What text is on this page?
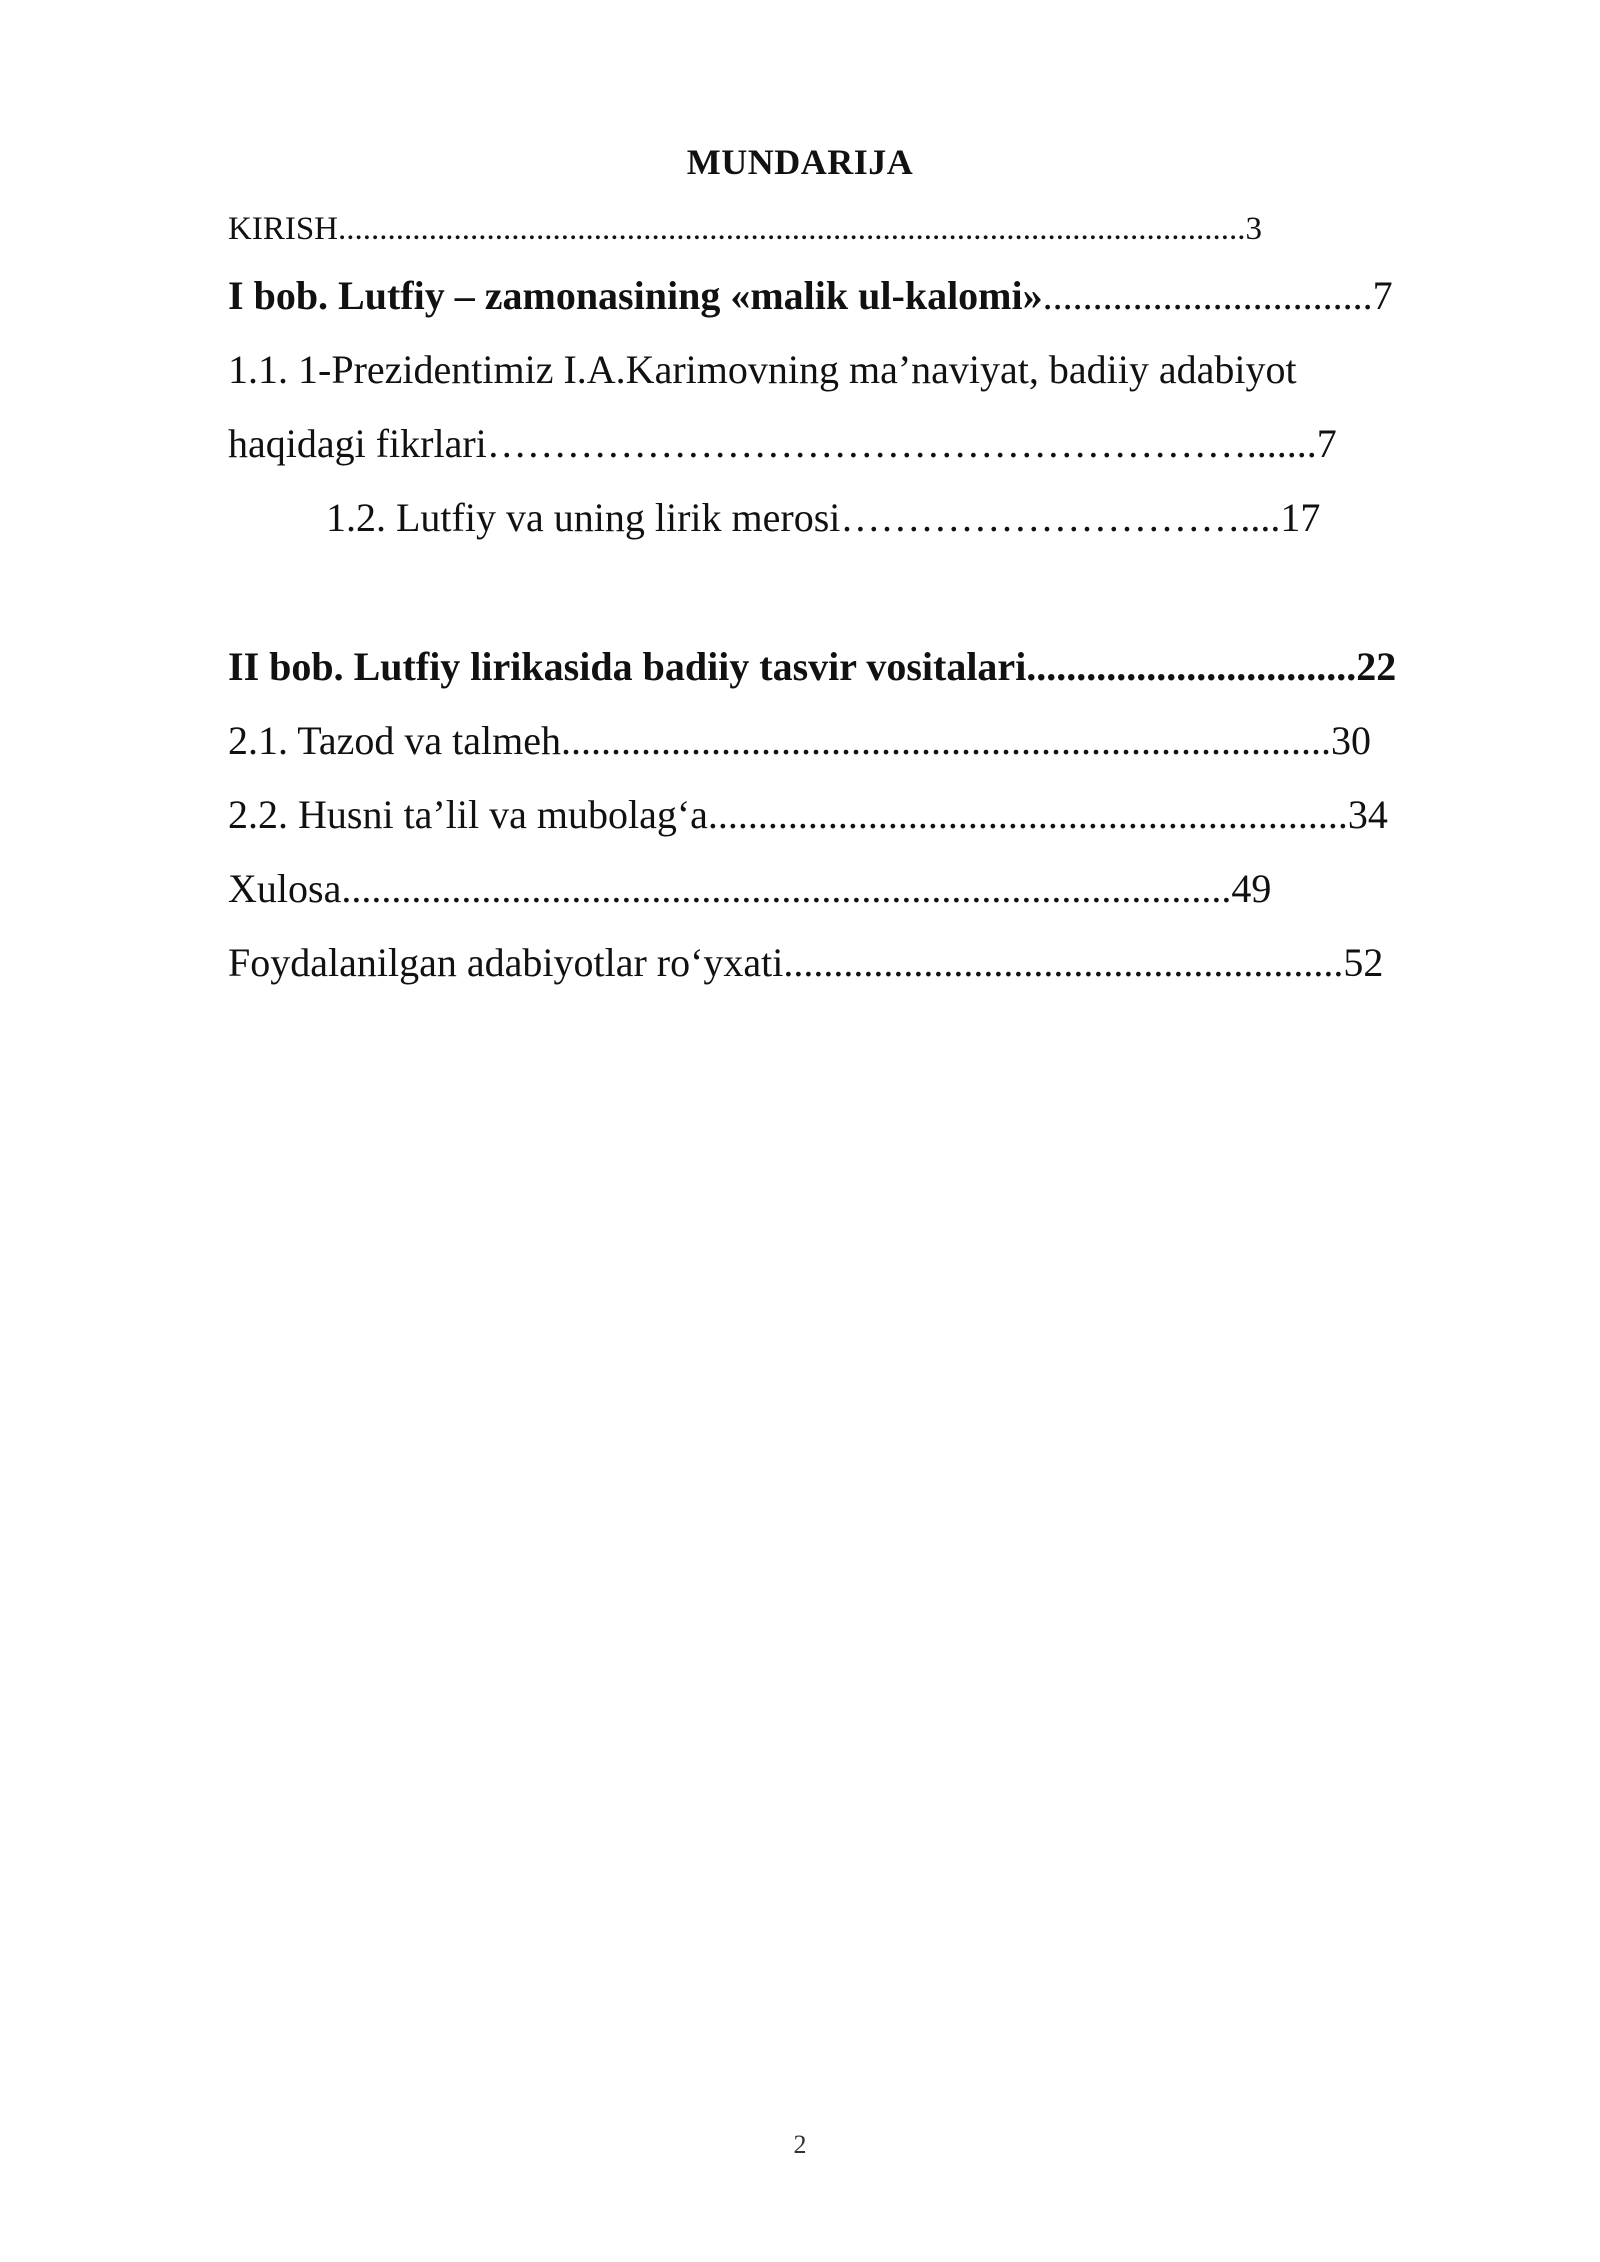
MUNDARIJA
KIRISH..............................................................................................................3
I bob. Lutfiy – zamonasining «malik ul-kalomi».................................7
1.1. 1-Prezidentimiz I.A.Karimovning ma’naviyat, badiiy adabiyot
haqidagi fikrlari………………………………………………….......7
1.2. Lutfiy va uning lirik merosi…………………………....17
II bob. Lutfiy lirikasida badiiy tasvir vositalari.................................22
2.1. Tazod va talmeh.............................................................................30
2.2. Husni ta’lil va mubolag‘a................................................................34
Xulosa.........................................................................................49
Foydalanilgan adabiyotlar ro‘yxati........................................................52
2
